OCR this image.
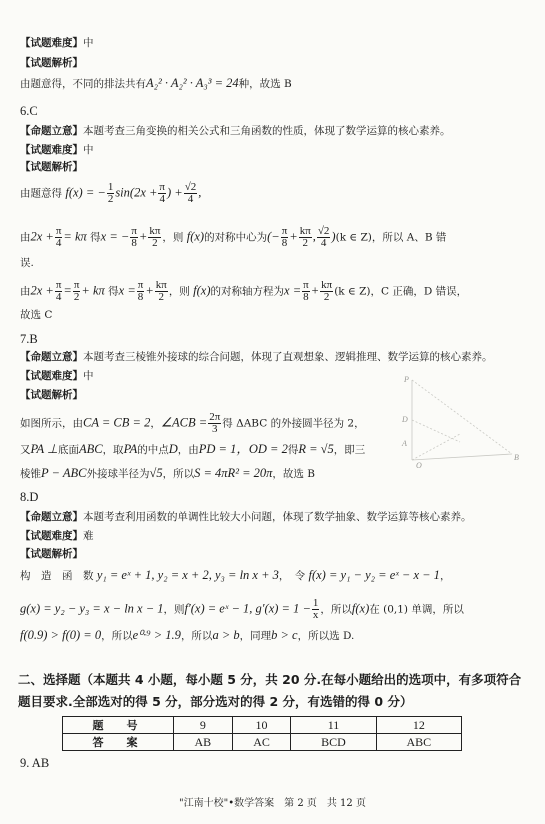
【试题难度】中
【试题解析】
由题意得，不同的排法共有A₂² · A₂² · A₃³ = 24种，故选 B
6.C
【命题立意】本题考查三角变换的相关公式和三角函数的性质，体现了数学运算的核心素养。
【试题难度】中
【试题解析】
由题意得 f(x) = − $\frac{1}{2} \sin(2x + \frac{\pi}{4}$ ) + $\frac{√2}{4}$ ,
由$2x + \frac{\pi}{4} = k\pi$ 得x = − $\frac{\pi}{8} + \frac{k\pi}{2}$ ，则 f(x)的对称中心为(− $\frac{\pi}{8} + \frac{k\pi}{2}$ , $\frac{√2}{4} )(k$ ∈ Z)，所以 A、B 错
误.
由$2x + \frac{\pi}{4} = \frac{\pi}{2} + k\pi$ 得$x = \frac{\pi}{8} + \frac{k\pi}{2}$ ，则 f(x)的对称轴方程为$x = \frac{\pi}{8} + \frac{k\pi}{2} (k$ ∈ Z)，C 正确，D 错误，
故选 C
7.B
【命题立意】本题考查三棱锥外接球的综合问题，体现了直观想象、逻辑推理、数学运算的核心素养。
【试题难度】中
【试题解析】
如图所示，由CA = CB = 2，∠ACB = $\frac{2\pi}{3}$ 得 ΔABC 的外接圆半径为 2，
又PA ⊥底面ABC，取PA的中点D，由PD = 1，OD = 2得R = √5，即三
棱锥P − ABC外接球半径为√5，所以S = 4πR² = 20π，故选 B
P
D
A
O
B
8.D
【命题立意】本题考查利用函数的单调性比较大小问题，体现了数学抽象、数学运算等核心素养。
【试题难度】难
【试题解析】
构　造　函　数 y₁ = eˣ + 1, y₂ = x + 2, y₃ = ln x + 3，　令 f(x) = y₁ − y₂ = eˣ − x − 1，
g(x) = y₂ − y₃ = x − ln x − 1，则f′(x) = eˣ − 1, $g'(x) = 1 - \frac{1}{x}$ ，所以f(x)在 (0,1) 单调，所以
f(0.9) > f(0) = 0，所以e⁰·⁹ > 1.9，所以a > b，同理b > c，所以选 D.
二、选择题（本题共 4 小题，每小题 5 分，共 20 分.在每小题给出的选项中，有多项符合
题目要求.全部选对的得 5 分，部分选对的得 2 分，有选错的得 0 分）
题　号	9	10	11	12
答　案	AB	AC	BCD	ABC
9. AB
"江南十校"•数学答案　第 2 页　共 12 页
